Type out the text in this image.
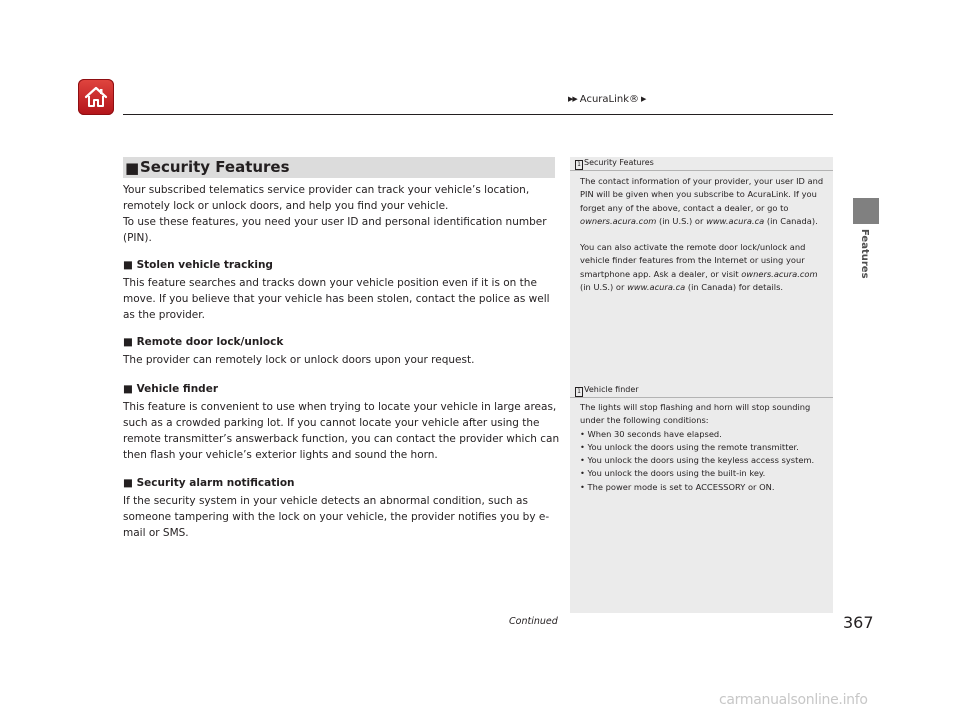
▶▶ AcuraLink® ▶
Features
■ Security Features
Your subscribed telematics service provider can track your vehicle’s location, remotely lock or unlock doors, and help you find your vehicle.
To use these features, you need your user ID and personal identification number (PIN).
■ Stolen vehicle tracking
This feature searches and tracks down your vehicle position even if it is on the move. If you believe that your vehicle has been stolen, contact the police as well as the provider.
■ Remote door lock/unlock
The provider can remotely lock or unlock doors upon your request.
■ Vehicle finder
This feature is convenient to use when trying to locate your vehicle in large areas, such as a crowded parking lot. If you cannot locate your vehicle after using the remote transmitter’s answerback function, you can contact the provider which can then flash your vehicle’s exterior lights and sound the horn.
■ Security alarm notification
If the security system in your vehicle detects an abnormal condition, such as someone tampering with the lock on your vehicle, the provider notifies you by e-mail or SMS.
1 Security Features
The contact information of your provider, your user ID and PIN will be given when you subscribe to AcuraLink. If you forget any of the above, contact a dealer, or go to owners.acura.com (in U.S.) or www.acura.ca (in Canada).
You can also activate the remote door lock/unlock and vehicle finder features from the Internet or using your smartphone app. Ask a dealer, or visit owners.acura.com (in U.S.) or www.acura.ca (in Canada) for details.
1 Vehicle finder
The lights will stop flashing and horn will stop sounding under the following conditions:
• When 30 seconds have elapsed.
• You unlock the doors using the remote transmitter.
• You unlock the doors using the keyless access system.
• You unlock the doors using the built-in key.
• The power mode is set to ACCESSORY or ON.
Continued	367
carmanualsonline.info
